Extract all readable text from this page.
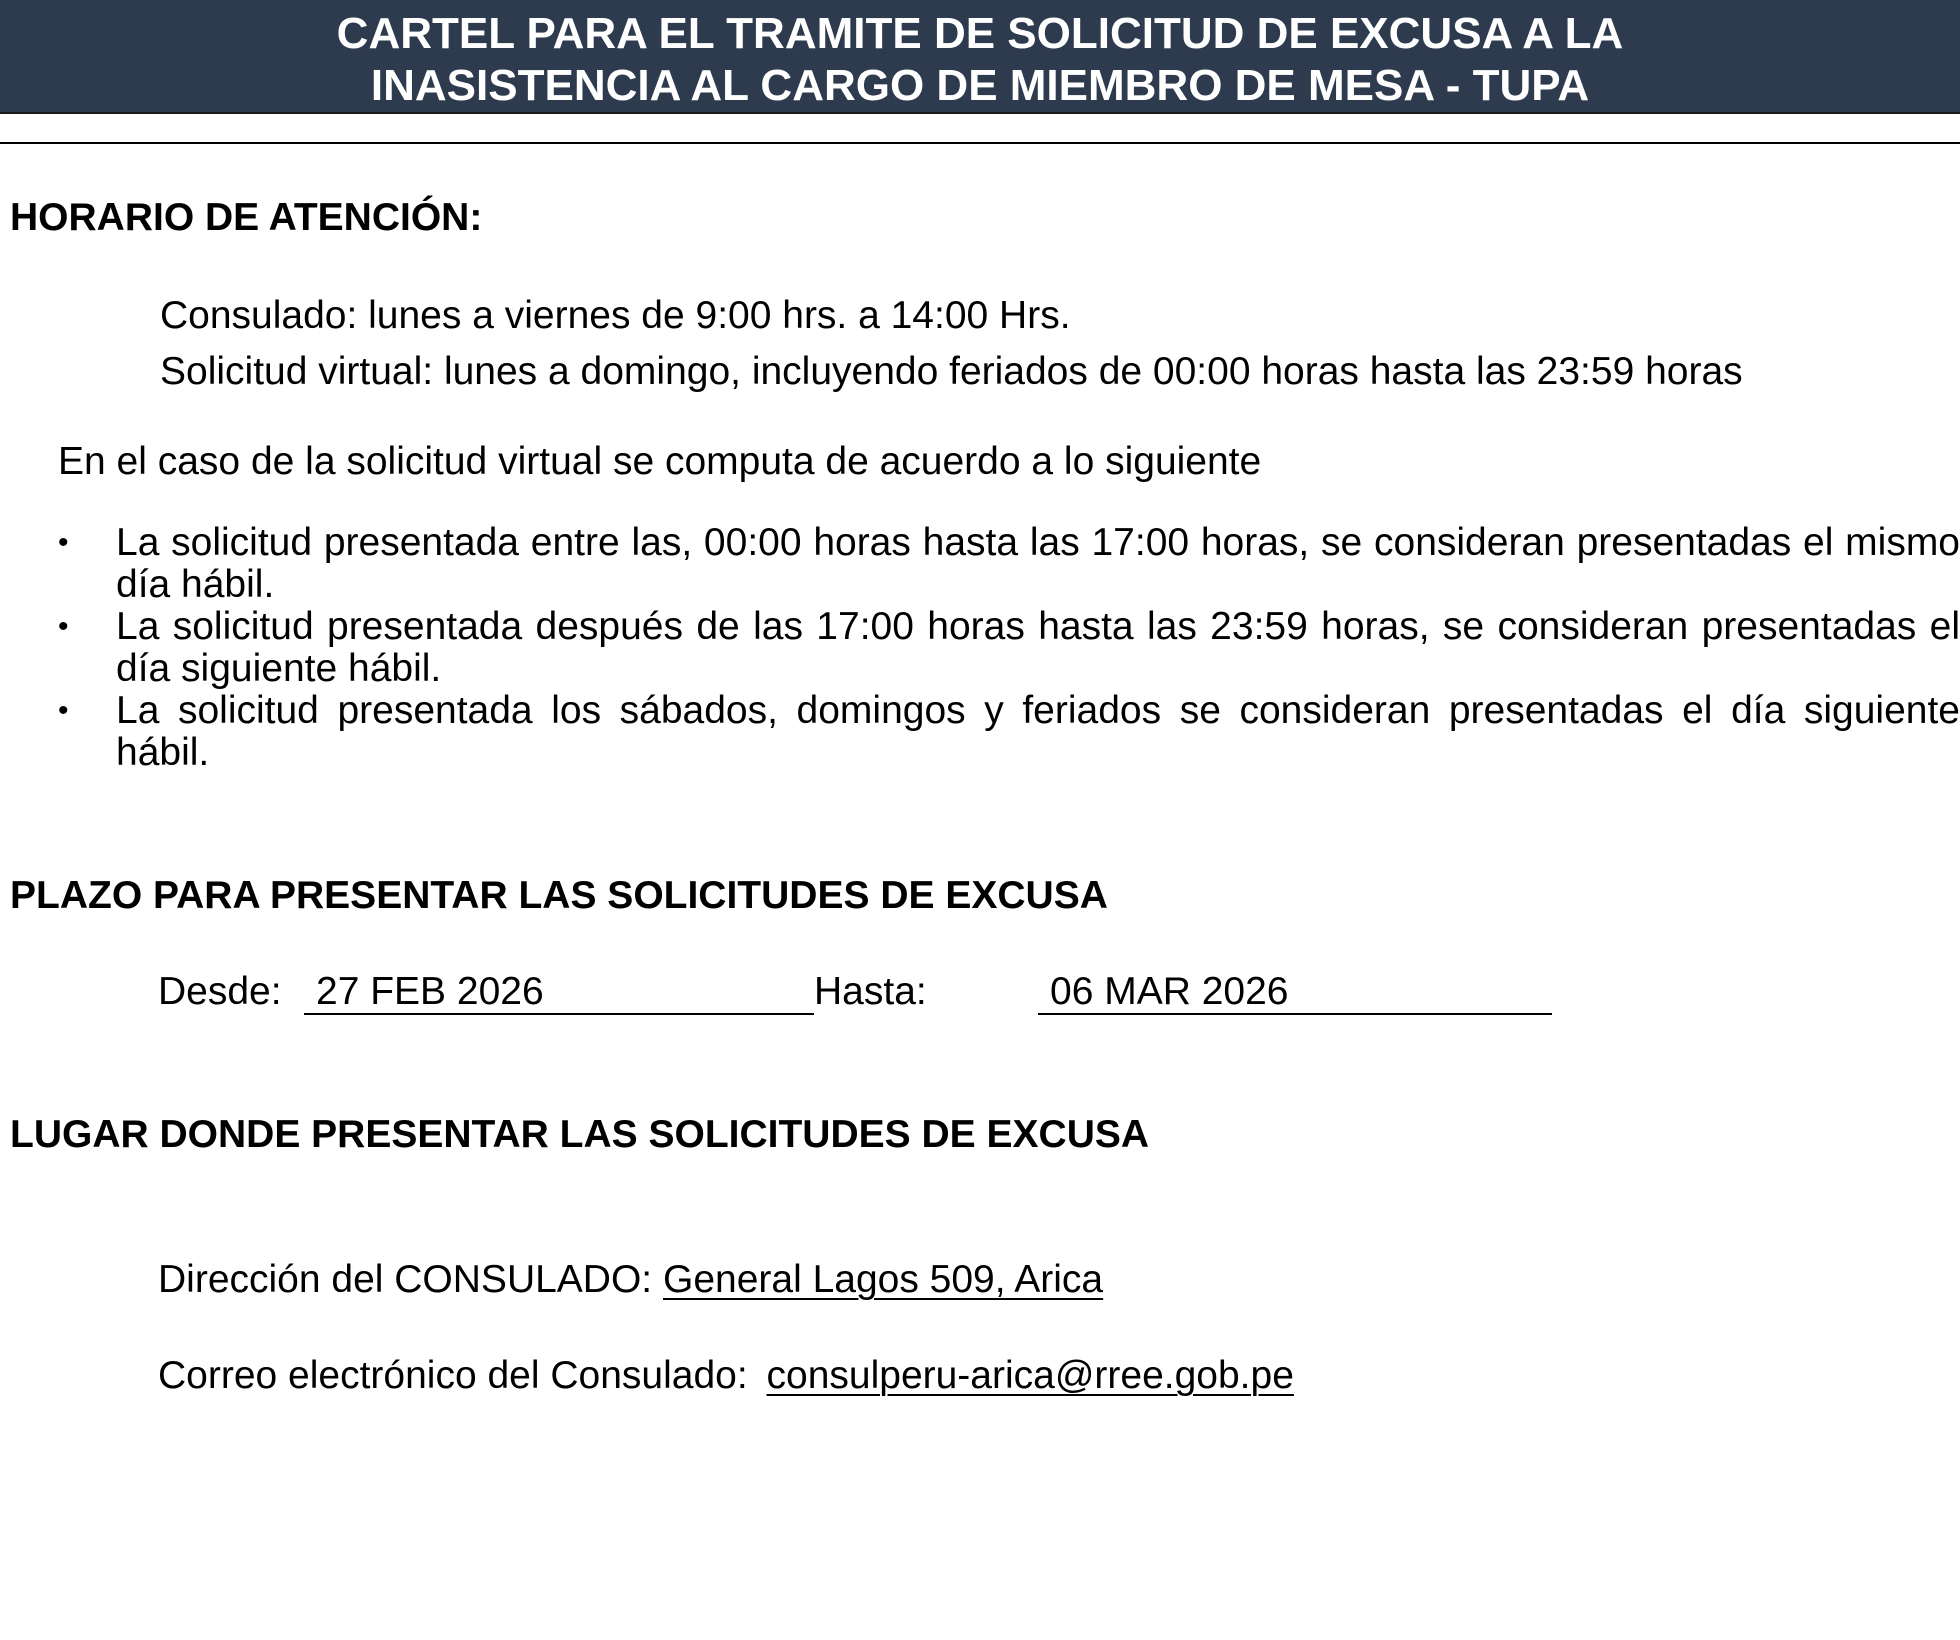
CARTEL PARA EL TRAMITE DE SOLICITUD DE EXCUSA A LA
INASISTENCIA AL CARGO DE MIEMBRO DE MESA - TUPA
HORARIO DE ATENCIÓN:

Consulado: lunes a viernes de 9:00 hrs. a 14:00 Hrs.

Solicitud virtual: lunes a domingo, incluyendo feriados de 00:00 horas hasta las 23:59 horas

En el caso de la solicitud virtual se computa de acuerdo a lo siguiente

• La solicitud presentada entre las, 00:00 horas hasta las 17:00 horas, se consideran presentadas el mismo día hábil.
• La solicitud presentada después de las 17:00 horas hasta las 23:59 horas, se consideran presentadas el día siguiente hábil.
• La solicitud presentada los sábados, domingos y feriados se consideran presentadas el día siguiente hábil.
PLAZO PARA PRESENTAR LAS SOLICITUDES DE EXCUSA
Desde: 27 FEB 2026	Hasta:	06 MAR 2026
LUGAR DONDE PRESENTAR LAS SOLICITUDES DE EXCUSA

Dirección del CONSULADO: General Lagos 509, Arica

Correo electrónico del Consulado: consulperu-arica@rree.gob.pe
